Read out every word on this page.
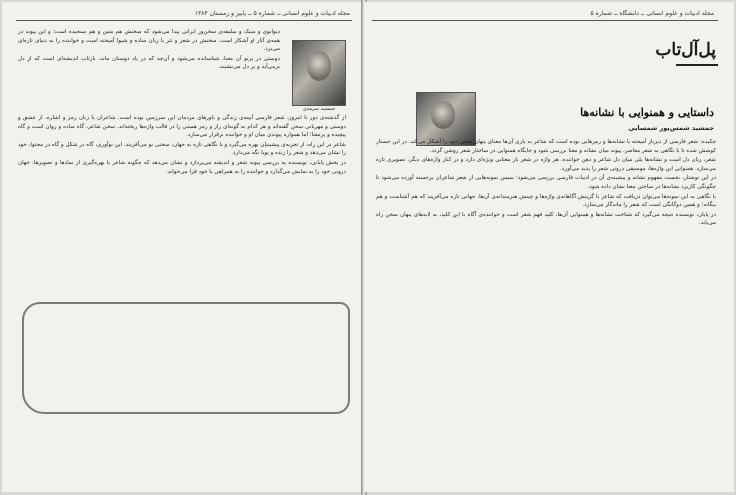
مجله ادبیات و علوم انسانی ــ شماره ۵ ــ پاییز و زمستان ۱۳۸۴
جمشید سرمدی

دیوانوی و سبک و سلیقه‌ی سخن‌ور ایرانی پیدا می‌شود که سخنش هم متین و هم سنجیده است؛ و این پیوند در همه‌ی آثار او آشکار است. سخنش در شعر و نثر با زبان ساده و شیوا آمیخته است و خواننده را به دنیای تازه‌ای می‌برد.

دوستی در پرتو آن معنا، شناسانده می‌شود و آن‌چه که در یاد دوستان ماند، بازتاب اندیشه‌ای است که از دل برمی‌آید و بر دل می‌نشیند.

از گذشته‌ی دور تا امروز، شعر فارسی آیینه‌ی زندگی و باورهای مردمان این سرزمین بوده است. شاعران با زبان رمز و اشاره، از عشق و دوستی و مهربانی سخن گفته‌اند و هر کدام به گونه‌ای راز و رمز هستی را در قالب واژه‌ها ریخته‌اند. سخن شاعر، گاه ساده و روان است و گاه پیچیده و پرمعنا؛ اما همواره پیوندی میان او و خواننده برقرار می‌سازد.

شاعر در این راه، از تجربه‌ی پیشینیان بهره می‌گیرد و با نگاهی تازه به جهان، سخنی نو می‌آفریند. این نوآوری، گاه در شکل و گاه در محتوا، خود را نشان می‌دهد و شعر را زنده و پویا نگه می‌دارد.

در بخش پایانی، نویسنده به بررسی پیوند شعر و اندیشه می‌پردازد و نشان می‌دهد که چگونه شاعر با بهره‌گیری از نمادها و تصویرها، جهان درونی خود را به نمایش می‌گذارد و خواننده را به همراهی با خود فرا می‌خواند.

مجله ادبیات و علوم انسانی ــ دانشگاه ــ شماره ۵
پل‌آل‌تاب
داستایی و همنوایی با نشانه‌ها
جمشید شمس‌پور شمسایی

چکیده: شعر فارسی از دیرباز آمیخته با نشانه‌ها و رمزهایی بوده است که شاعر به یاری آن‌ها معنای پنهان سخن خود را آشکار می‌کند. در این جستار کوشش شده تا با نگاهی به شعر معاصر، پیوند میان نشانه و معنا بررسی شود و جایگاه همنوایی در ساختار شعر روشن گردد.

شعر، زبان دل است و نشانه‌ها پلی میان دل شاعر و ذهن خواننده. هر واژه در شعر بار معنایی ویژه‌ای دارد و در کنار واژه‌های دیگر، تصویری تازه می‌سازد. همنوایی این واژه‌ها، موسیقی درونی شعر را پدید می‌آورد.

در این نوشتار، نخست مفهوم نشانه و پیشینه‌ی آن در ادبیات فارسی بررسی می‌شود؛ سپس نمونه‌هایی از شعر شاعران برجسته آورده می‌شود تا چگونگی کاربرد نشانه‌ها در ساختن معنا نشان داده شود.

با نگاهی به این نمونه‌ها می‌توان دریافت که شاعر با گزینش آگاهانه‌ی واژه‌ها و چینش هنرمندانه‌ی آن‌ها، جهانی تازه می‌آفریند که هم آشناست و هم بیگانه؛ و همین دوگانگی است که شعر را ماندگار می‌سازد.

در پایان، نویسنده نتیجه می‌گیرد که شناخت نشانه‌ها و همنوایی آن‌ها، کلید فهم شعر است و خواننده‌ی آگاه با این کلید، به لایه‌های پنهان سخن راه می‌یابد.
